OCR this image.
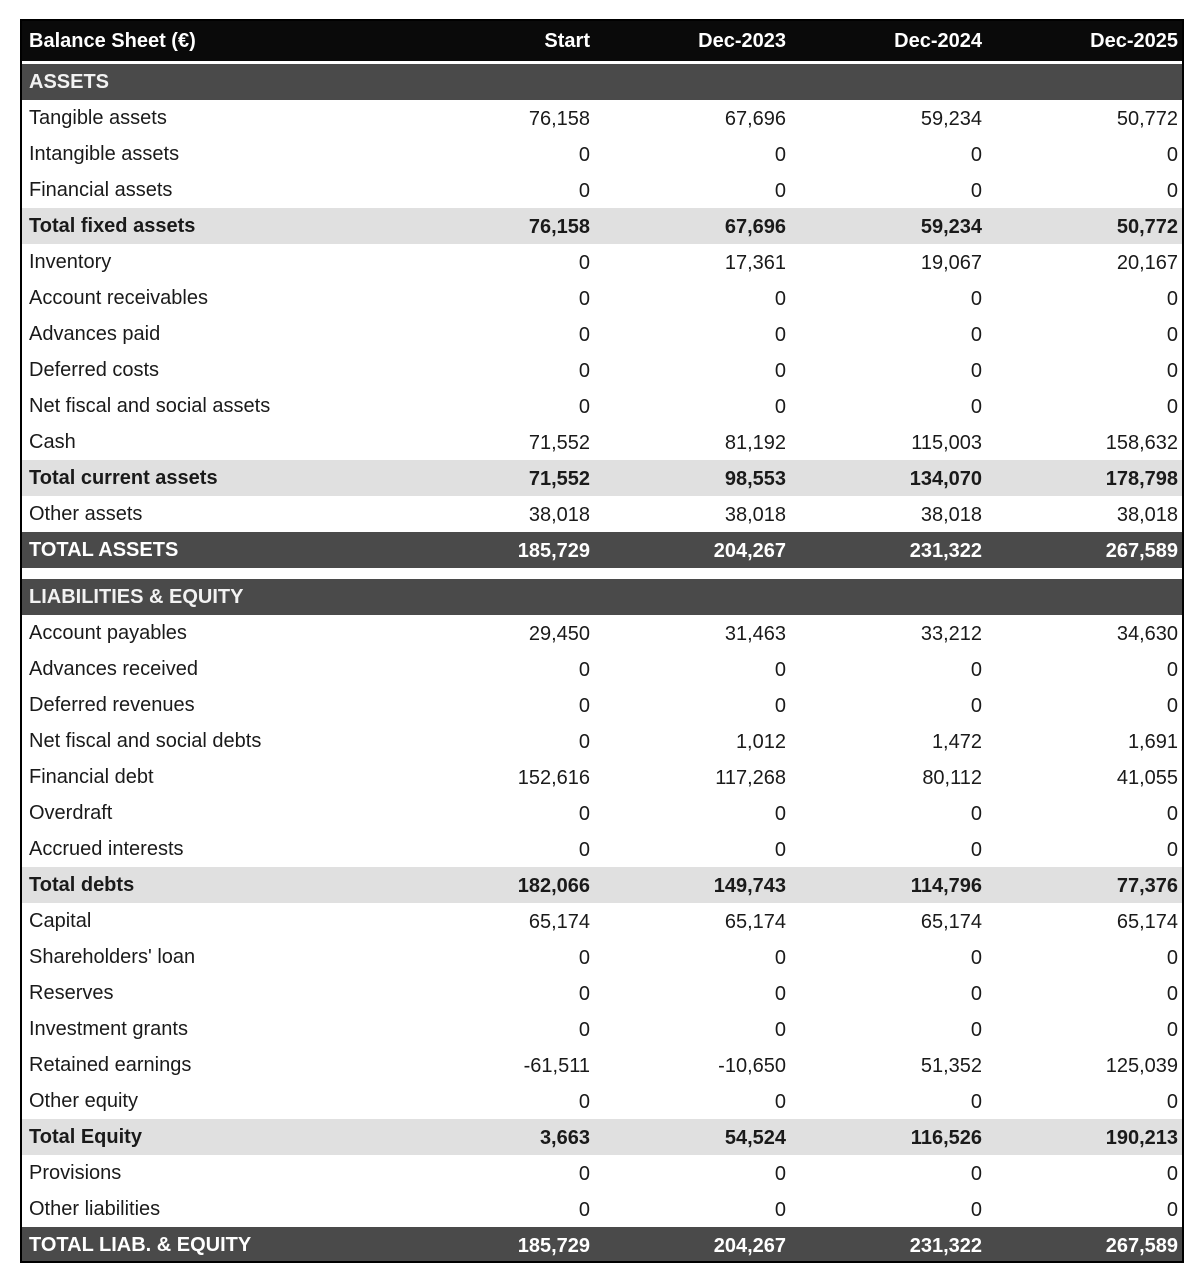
Balance Sheet (€)	Start	Dec-2023	Dec-2024	Dec-2025
ASSETS
Tangible assets	76,158	67,696	59,234	50,772
Intangible assets	0	0	0	0
Financial assets	0	0	0	0
Total fixed assets	76,158	67,696	59,234	50,772
Inventory	0	17,361	19,067	20,167
Account receivables	0	0	0	0
Advances paid	0	0	0	0
Deferred costs	0	0	0	0
Net fiscal and social assets	0	0	0	0
Cash	71,552	81,192	115,003	158,632
Total current assets	71,552	98,553	134,070	178,798
Other assets	38,018	38,018	38,018	38,018
TOTAL ASSETS	185,729	204,267	231,322	267,589
LIABILITIES & EQUITY
Account payables	29,450	31,463	33,212	34,630
Advances received	0	0	0	0
Deferred revenues	0	0	0	0
Net fiscal and social debts	0	1,012	1,472	1,691
Financial debt	152,616	117,268	80,112	41,055
Overdraft	0	0	0	0
Accrued interests	0	0	0	0
Total debts	182,066	149,743	114,796	77,376
Capital	65,174	65,174	65,174	65,174
Shareholders' loan	0	0	0	0
Reserves	0	0	0	0
Investment grants	0	0	0	0
Retained earnings	-61,511	-10,650	51,352	125,039
Other equity	0	0	0	0
Total Equity	3,663	54,524	116,526	190,213
Provisions	0	0	0	0
Other liabilities	0	0	0	0
TOTAL LIAB. & EQUITY	185,729	204,267	231,322	267,589
